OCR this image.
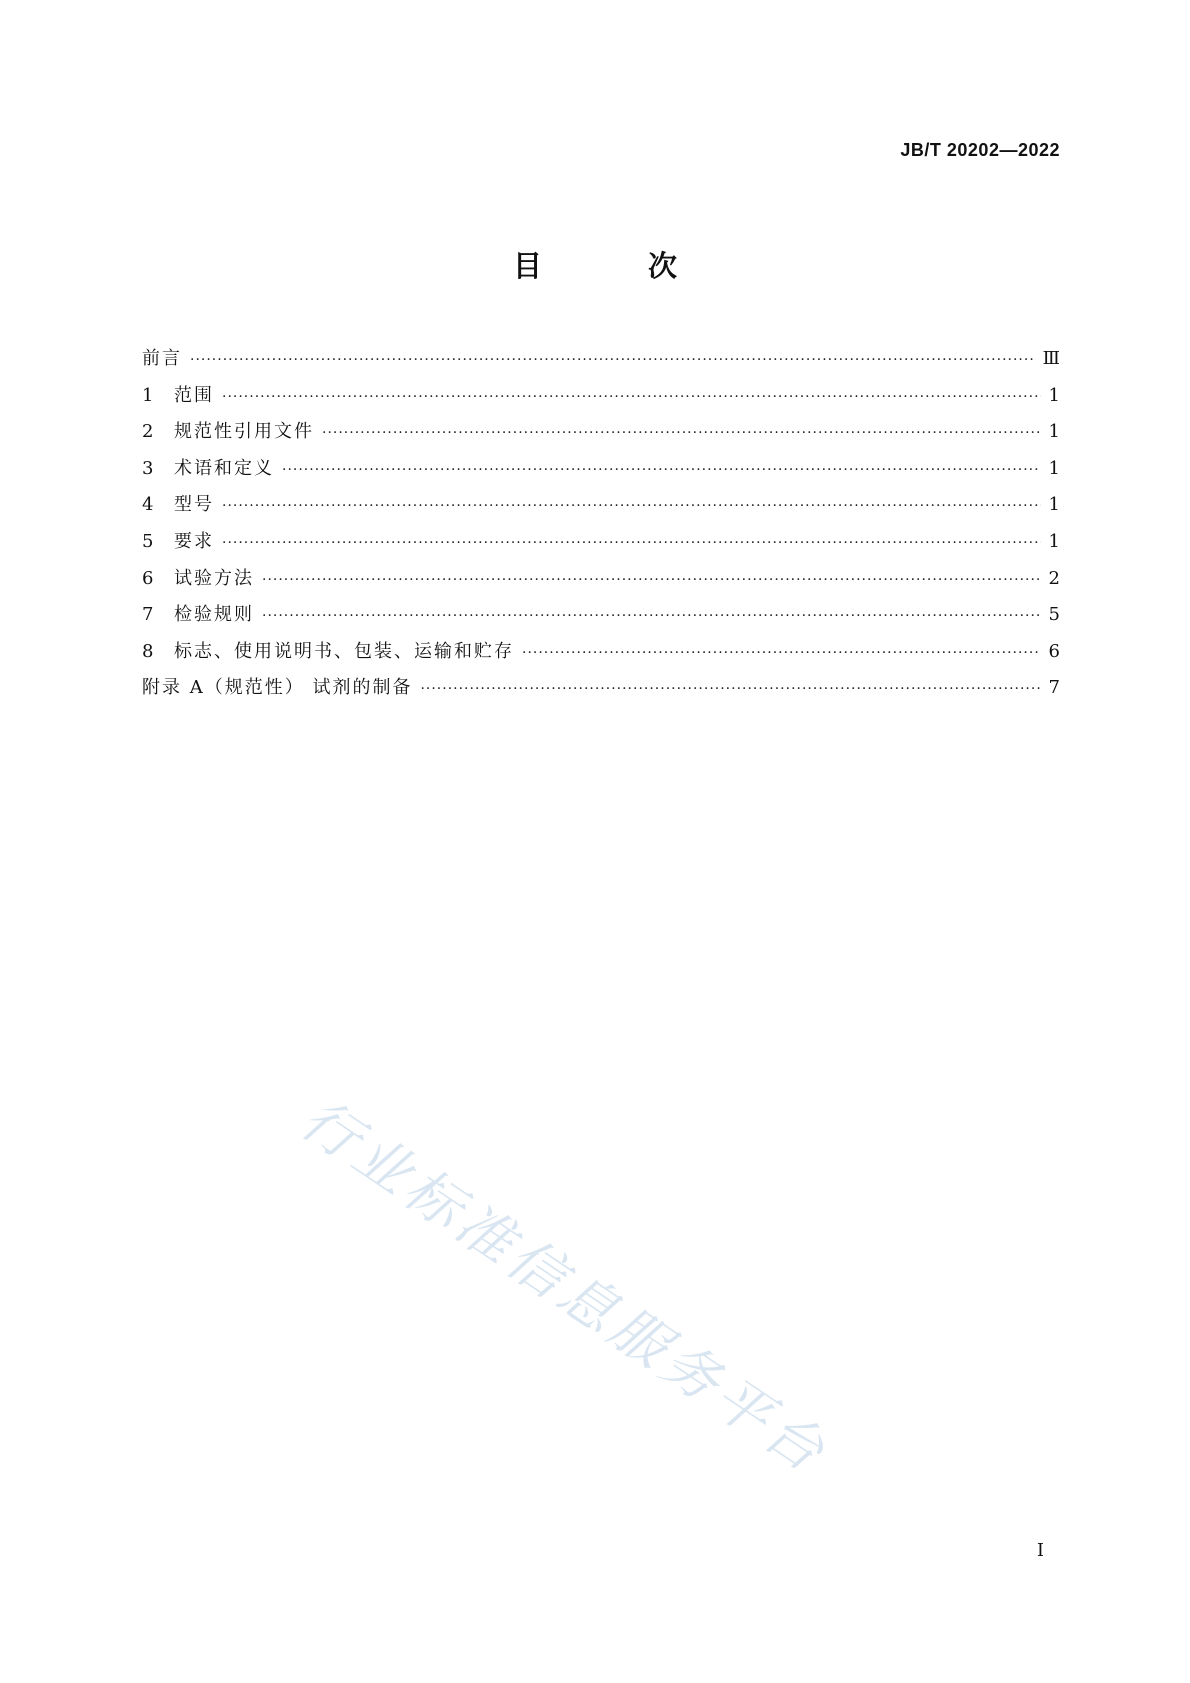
JB/T 20202—2022
目 次
前言 ·····	Ⅲ
1	范围 ·····	1
2	规范性引用文件 ·····	1
3	术语和定义 ·····	1
4	型号 ·····	1
5	要求 ·····	1
6	试验方法 ·····	2
7	检验规则 ·····	5
8	标志、使用说明书、包装、运输和贮存 ·····	6
附录 A（规范性） 试剂的制备 ·····	7
行业标准信息服务平台
Ⅰ
